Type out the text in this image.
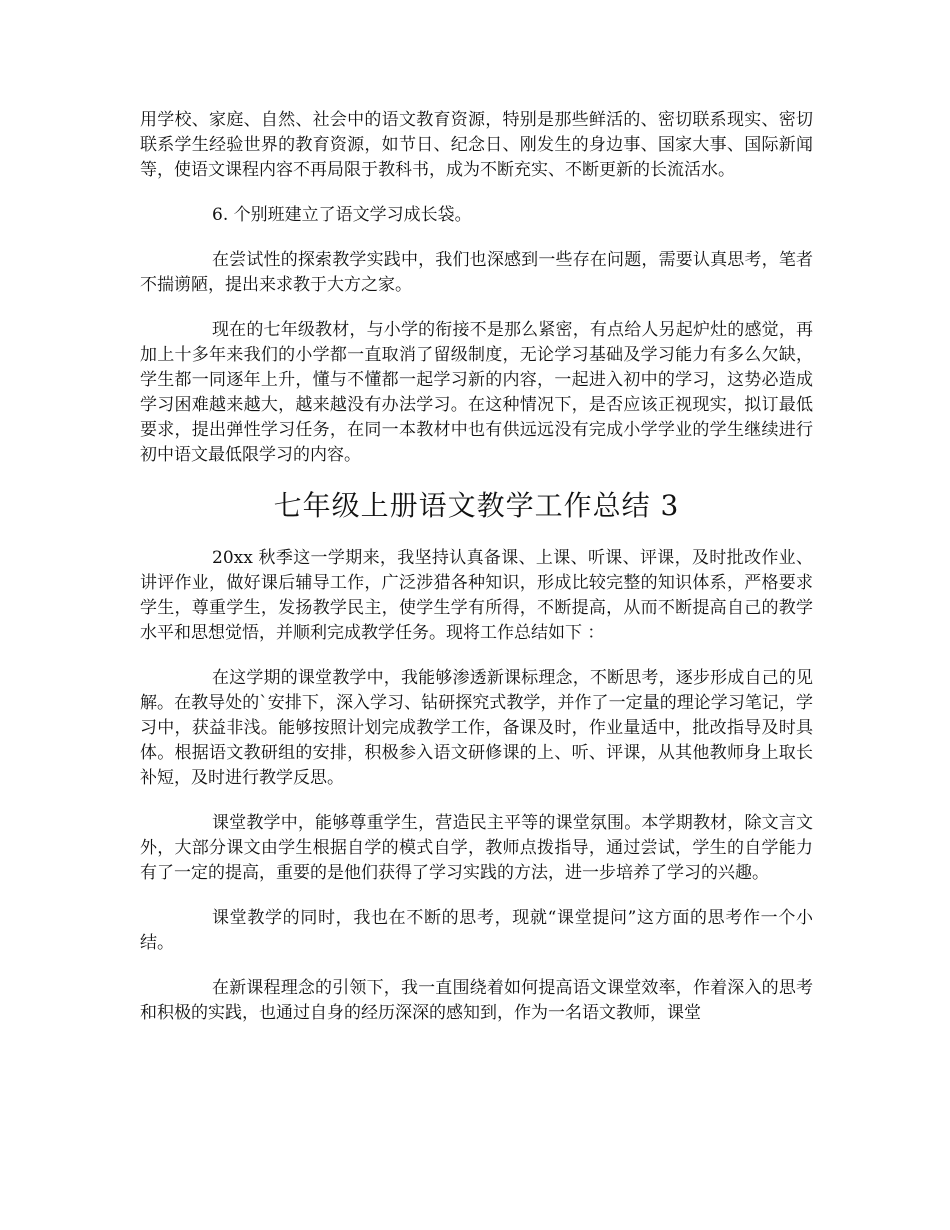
用学校、家庭、自然、社会中的语文教育资源，特别是那些鲜活的、密切联系现实、密切联系学生经验世界的教育资源，如节日、纪念日、刚发生的身边事、国家大事、国际新闻等，使语文课程内容不再局限于教科书，成为不断充实、不断更新的长流活水。

6. 个别班建立了语文学习成长袋。

在尝试性的探索教学实践中，我们也深感到一些存在问题，需要认真思考，笔者不揣谫陋，提出来求教于大方之家。

现在的七年级教材，与小学的衔接不是那么紧密，有点给人另起炉灶的感觉，再加上十多年来我们的小学都一直取消了留级制度，无论学习基础及学习能力有多么欠缺，学生都一同逐年上升，懂与不懂都一起学习新的内容，一起进入初中的学习，这势必造成学习困难越来越大，越来越没有办法学习。在这种情况下，是否应该正视现实，拟订最低要求，提出弹性学习任务，在同一本教材中也有供远远没有完成小学学业的学生继续进行初中语文最低限学习的内容。

七年级上册语文教学工作总结 3

20xx 秋季这一学期来，我坚持认真备课、上课、听课、评课，及时批改作业、讲评作业，做好课后辅导工作，广泛涉猎各种知识，形成比较完整的知识体系，严格要求学生，尊重学生，发扬教学民主，使学生学有所得，不断提高，从而不断提高自己的教学水平和思想觉悟，并顺利完成教学任务。现将工作总结如下 ：

在这学期的课堂教学中，我能够渗透新课标理念，不断思考，逐步形成自己的见解。在教导处的`安排下，深入学习、钻研探究式教学，并作了一定量的理论学习笔记，学习中，获益非浅。能够按照计划完成教学工作，备课及时，作业量适中，批改指导及时具体。根据语文教研组的安排，积极参入语文研修课的上、听、评课，从其他教师身上取长补短，及时进行教学反思。

课堂教学中，能够尊重学生，营造民主平等的课堂氛围。本学期教材，除文言文外，大部分课文由学生根据自学的模式自学，教师点拨指导，通过尝试，学生的自学能力有了一定的提高，重要的是他们获得了学习实践的方法，进一步培养了学习的兴趣。

课堂教学的同时，我也在不断的思考，现就“课堂提问”这方面的思考作一个小结。

在新课程理念的引领下，我一直围绕着如何提高语文课堂效率，作着深入的思考和积极的实践，也通过自身的经历深深的感知到，作为一名语文教师，课堂
